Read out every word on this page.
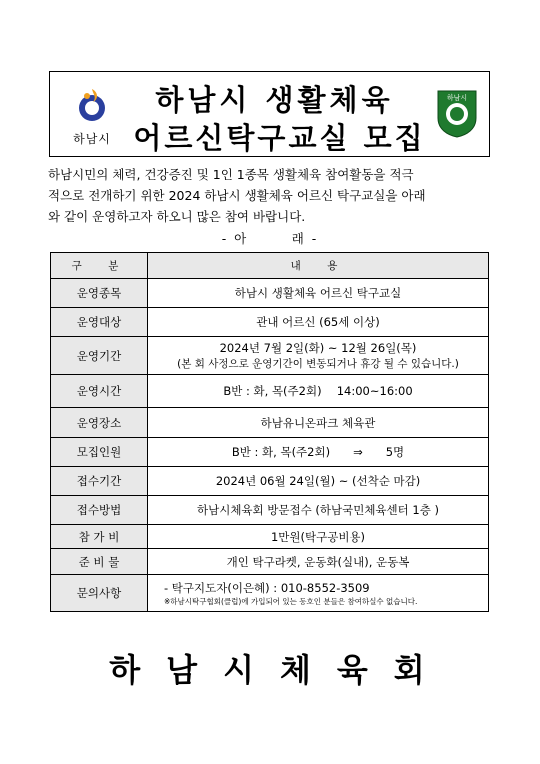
하남시
하남시 생활체육
어르신탁구교실 모집
하남시
하남시민의 체력, 건강증진 및 1인 1종목 생활체육 참여활동을 적극
적으로 전개하기 위한 2024 하남시 생활체육 어르신 탁구교실을 아래
와 같이 운영하고자 하오니 많은 참여 바랍니다.
- 아　　　래 -
구　분	내　용
운영종목	하남시 생활체육 어르신 탁구교실
운영대상	관내 어르신 (65세 이상)
운영기간	2024년 7월 2일(화) ~ 12월 26일(목)
(본 회 사정으로 운영기간이 변동되거나 휴강 될 수 있습니다.)

운영시간	B반 : 화, 목(주2회)　 14:00~16:00
운영장소	하남유니온파크 체육관
모집인원	B반 : 화, 목(주2회)　　⇒　　5명
접수기간	2024년 06월 24일(월) ~ (선착순 마감)
접수방법	하남시체육회 방문접수 (하남국민체육센터 1층 )
참 가 비	1만원(탁구공비용)
준 비 물	개인 탁구라켓, 운동화(실내), 운동복
문의사항	- 탁구지도자(이은혜) : 010-8552-3509
※하남시탁구협회(클럽)에 가입되어 있는 동호인 분들은 참여하실수 없습니다.
하남시체육회
